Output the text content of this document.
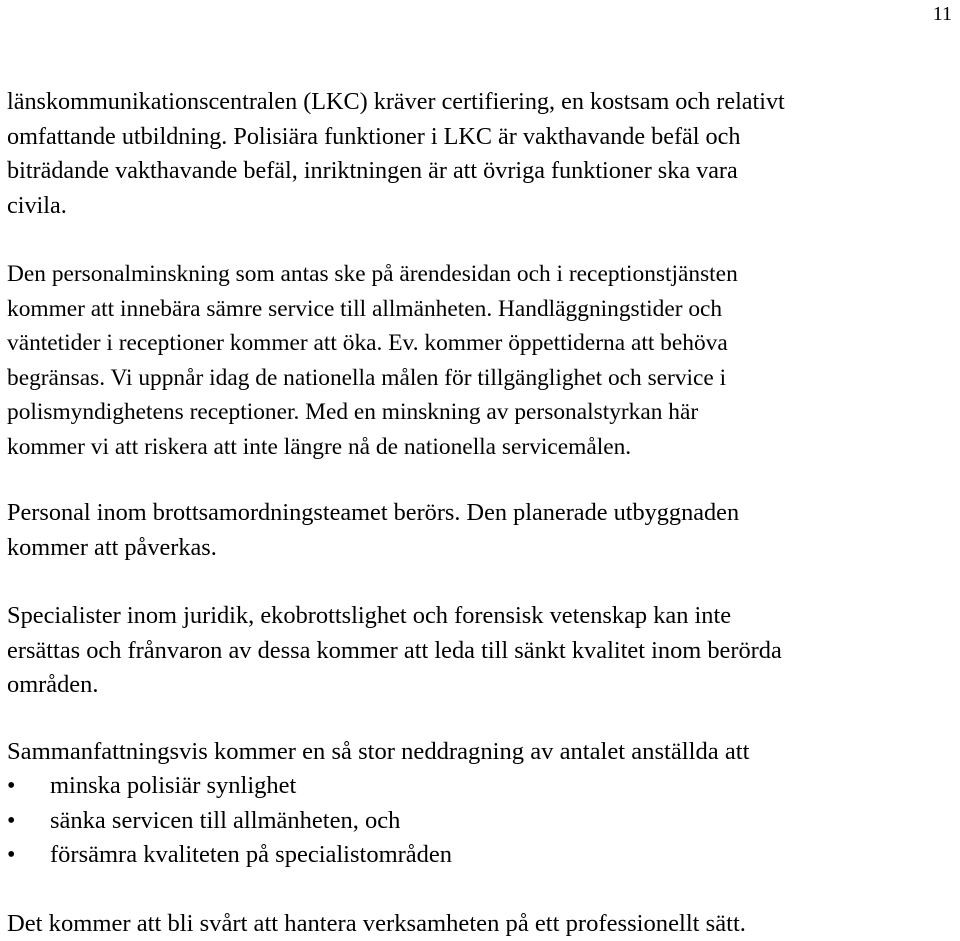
11

länskommunikationscentralen (LKC) kräver certifiering, en kostsam och relativt
omfattande utbildning. Polisiära funktioner i LKC är vakthavande befäl och
biträdande vakthavande befäl, inriktningen är att övriga funktioner ska vara
civila.

Den personalminskning som antas ske på ärendesidan och i receptionstjänsten
kommer att innebära sämre service till allmänheten. Handläggningstider och
väntetider i receptioner kommer att öka. Ev. kommer öppettiderna att behöva
begränsas. Vi uppnår idag de nationella målen för tillgänglighet och service i
polismyndighetens receptioner. Med en minskning av personalstyrkan här
kommer vi att riskera att inte längre nå de nationella servicemålen.

Personal inom brottsamordningsteamet berörs. Den planerade utbyggnaden
kommer att påverkas.

Specialister inom juridik, ekobrottslighet och forensisk vetenskap kan inte
ersättas och frånvaron av dessa kommer att leda till sänkt kvalitet inom berörda
områden.

Sammanfattningsvis kommer en så stor neddragning av antalet anställda att

• minska polisiär synlighet
• sänka servicen till allmänheten, och
• försämra kvaliteten på specialistområden

Det kommer att bli svårt att hantera verksamheten på ett professionellt sätt.
